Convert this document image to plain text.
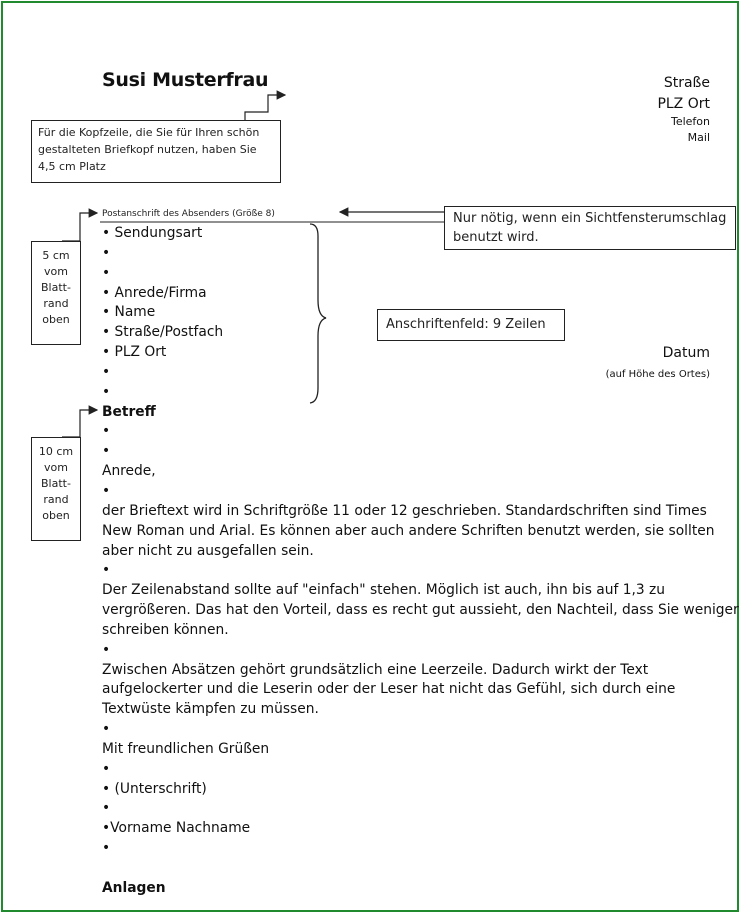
Susi Musterfrau	Straße
PLZ Ort
Telefon
Mail
Für die Kopfzeile, die Sie für Ihren schön gestalteten Briefkopf nutzen, haben Sie 4,5 cm Platz
Nur nötig, wenn ein Sichtfensterumschlag benutzt wird.
Anschriftenfeld: 9 Zeilen
5 cm
vom
Blatt-
rand
oben
10 cm
vom
Blatt-
rand
oben
Postanschrift des Absenders (Größe 8)
Datum
(auf Höhe des Ortes)
• Sendungsart
•
•
• Anrede/Firma
• Name
• Straße/Postfach
• PLZ Ort
•
•
Betreff
•
•
Anrede,
•
der Brieftext wird in Schriftgröße 11 oder 12 geschrieben. Standardschriften sind Times
New Roman und Arial. Es können aber auch andere Schriften benutzt werden, sie sollten
aber nicht zu ausgefallen sein.
•
Der Zeilenabstand sollte auf "einfach" stehen. Möglich ist auch, ihn bis auf 1,3 zu
vergrößeren. Das hat den Vorteil, dass es recht gut aussieht, den Nachteil, dass Sie weniger
schreiben können.
•
Zwischen Absätzen gehört grundsätzlich eine Leerzeile. Dadurch wirkt der Text
aufgelockerter und die Leserin oder der Leser hat nicht das Gefühl, sich durch eine
Textwüste kämpfen zu müssen.
•
Mit freundlichen Grüßen
•
• (Unterschrift)
•
•Vorname Nachname
•
Anlagen
